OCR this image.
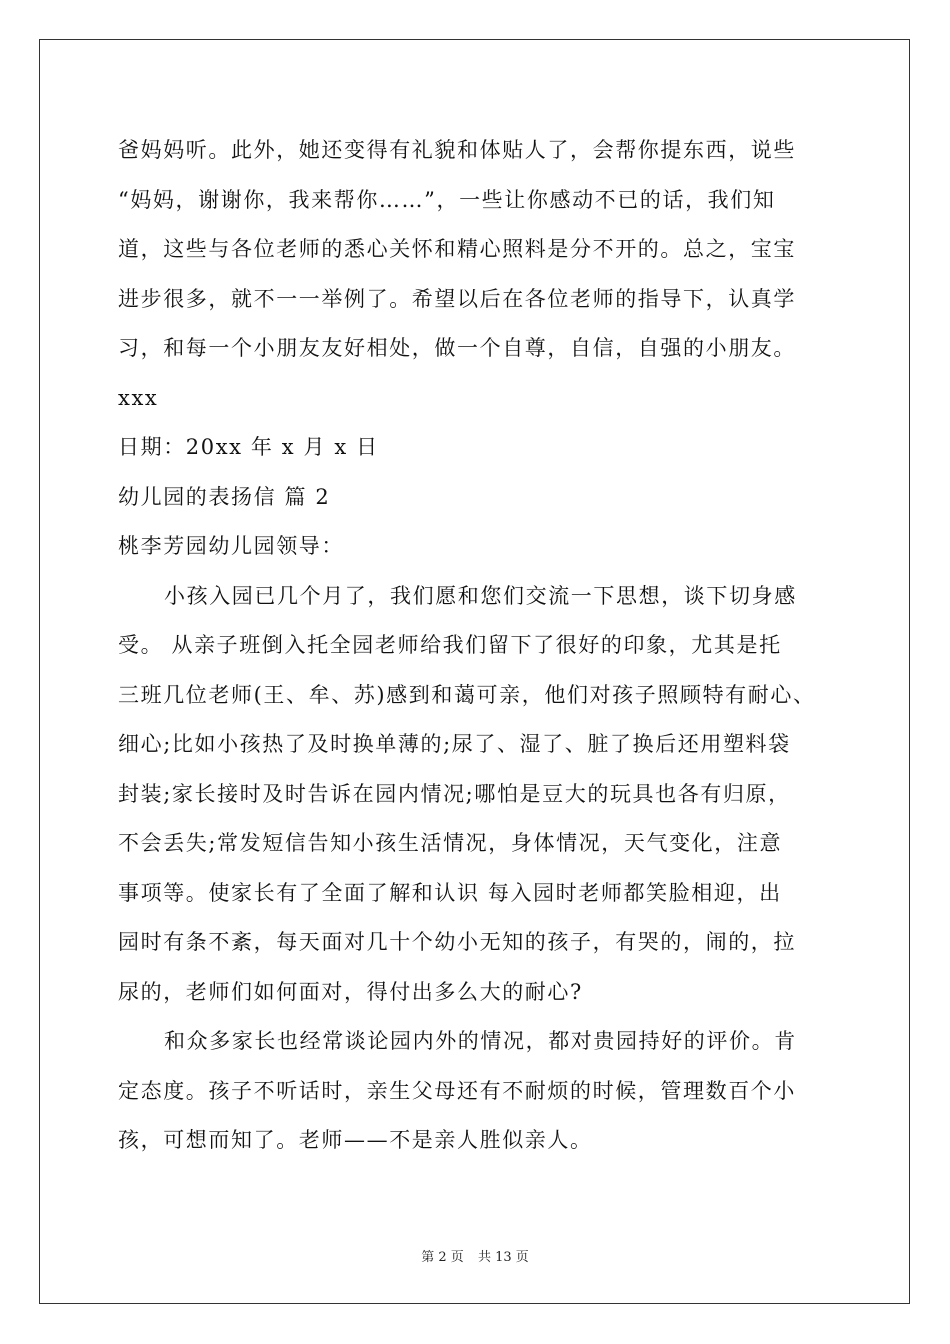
爸妈妈听。此外，她还变得有礼貌和体贴人了，会帮你提东西，说些
“妈妈，谢谢你，我来帮你……”，一些让你感动不已的话，我们知
道，这些与各位老师的悉心关怀和精心照料是分不开的。总之，宝宝
进步很多，就不一一举例了。希望以后在各位老师的指导下，认真学
习，和每一个小朋友友好相处，做一个自尊，自信，自强的小朋友。
xxx
日期：20xx 年 x 月 x 日
幼儿园的表扬信 篇 2
桃李芳园幼儿园领导：
小孩入园已几个月了，我们愿和您们交流一下思想，谈下切身感
受。 从亲子班倒入托全园老师给我们留下了很好的印象，尤其是托
三班几位老师(王、牟、苏)感到和蔼可亲，他们对孩子照顾特有耐心、
细心;比如小孩热了及时换单薄的;尿了、湿了、脏了换后还用塑料袋
封装;家长接时及时告诉在园内情况;哪怕是豆大的玩具也各有归原，
不会丢失;常发短信告知小孩生活情况，身体情况，天气变化，注意
事项等。使家长有了全面了解和认识 每入园时老师都笑脸相迎，出
园时有条不紊，每天面对几十个幼小无知的孩子，有哭的，闹的，拉
尿的，老师们如何面对，得付出多么大的耐心?
和众多家长也经常谈论园内外的情况，都对贵园持好的评价。肯
定态度。孩子不听话时，亲生父母还有不耐烦的时候，管理数百个小
孩，可想而知了。老师——不是亲人胜似亲人。
第 2 页 共 13 页
